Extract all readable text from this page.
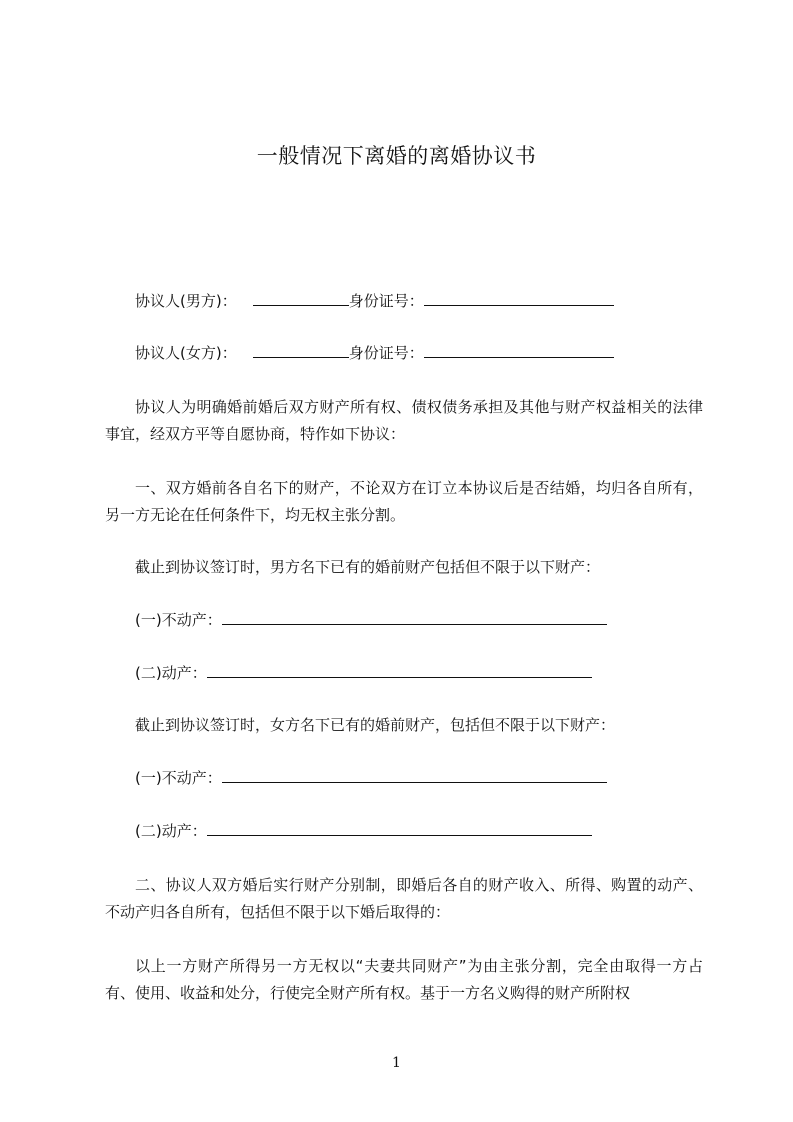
一般情况下离婚的离婚协议书
协议人(男方)：	身份证号：
协议人(女方)：	身份证号：
协议人为明确婚前婚后双方财产所有权、债权债务承担及其他与财产权益相关的法律事宜，经双方平等自愿协商，特作如下协议：
一、双方婚前各自名下的财产，不论双方在订立本协议后是否结婚，均归各自所有，另一方无论在任何条件下，均无权主张分割。
截止到协议签订时，男方名下已有的婚前财产包括但不限于以下财产：
(一)不动产：
(二)动产：
截止到协议签订时，女方名下已有的婚前财产，包括但不限于以下财产：
(一)不动产：
(二)动产：
二、协议人双方婚后实行财产分别制，即婚后各自的财产收入、所得、购置的动产、不动产归各自所有，包括但不限于以下婚后取得的：
以上一方财产所得另一方无权以“夫妻共同财产”为由主张分割，完全由取得一方占有、使用、收益和处分，行使完全财产所有权。基于一方名义购得的财产所附权
1
